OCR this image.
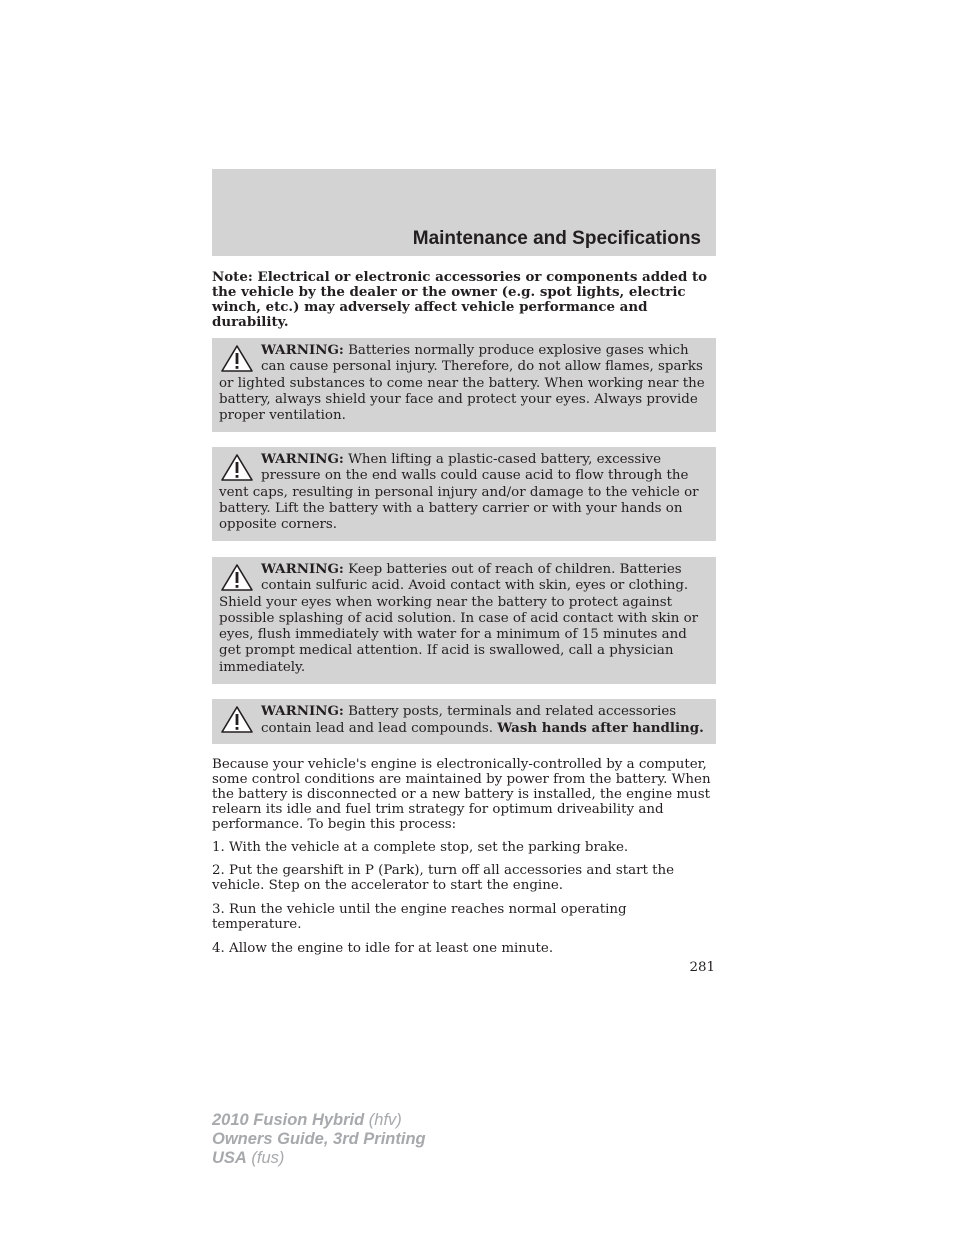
Maintenance and Specifications
Note: Electrical or electronic accessories or components added to the vehicle by the dealer or the owner (e.g. spot lights, electric winch, etc.) may adversely affect vehicle performance and durability.
WARNING: Batteries normally produce explosive gases which can cause personal injury. Therefore, do not allow flames, sparks or lighted substances to come near the battery. When working near the battery, always shield your face and protect your eyes. Always provide proper ventilation.
WARNING: When lifting a plastic-cased battery, excessive pressure on the end walls could cause acid to flow through the vent caps, resulting in personal injury and/or damage to the vehicle or battery. Lift the battery with a battery carrier or with your hands on opposite corners.
WARNING: Keep batteries out of reach of children. Batteries contain sulfuric acid. Avoid contact with skin, eyes or clothing. Shield your eyes when working near the battery to protect against possible splashing of acid solution. In case of acid contact with skin or eyes, flush immediately with water for a minimum of 15 minutes and get prompt medical attention. If acid is swallowed, call a physician immediately.
WARNING: Battery posts, terminals and related accessories contain lead and lead compounds. Wash hands after handling.
Because your vehicle's engine is electronically-controlled by a computer, some control conditions are maintained by power from the battery. When the battery is disconnected or a new battery is installed, the engine must relearn its idle and fuel trim strategy for optimum driveability and performance. To begin this process:
1. With the vehicle at a complete stop, set the parking brake.
2. Put the gearshift in P (Park), turn off all accessories and start the vehicle. Step on the accelerator to start the engine.
3. Run the vehicle until the engine reaches normal operating temperature.
4. Allow the engine to idle for at least one minute.
281
2010 Fusion Hybrid (hfv)
Owners Guide, 3rd Printing
USA (fus)
